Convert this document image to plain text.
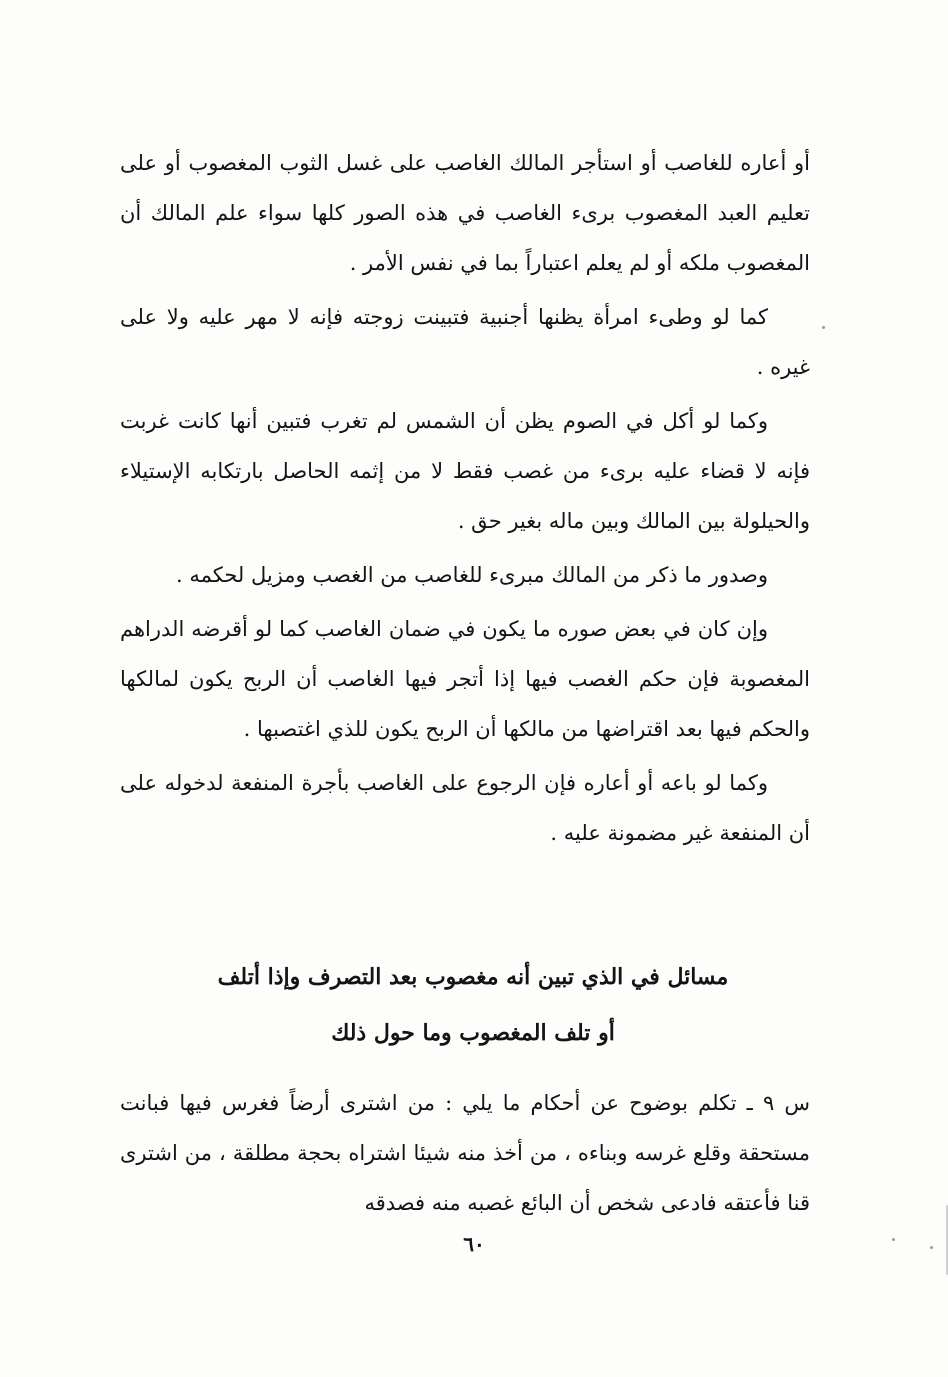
أو أعاره للغاصب أو استأجر المالك الغاصب على غسل الثوب المغصوب أو على تعليم العبد المغصوب برىء الغاصب في هذه الصور كلها سواء علم المالك أن المغصوب ملكه أو لم يعلم اعتباراً بما في نفس الأمر .

كما لو وطىء امرأة يظنها أجنبية فتبينت زوجته فإنه لا مهر عليه ولا على غيره .

وكما لو أكل في الصوم يظن أن الشمس لم تغرب فتبين أنها كانت غربت فإنه لا قضاء عليه برىء من غصب فقط لا من إثمه الحاصل بارتكابه الإستيلاء والحيلولة بين المالك وبين ماله بغير حق .

وصدور ما ذكر من المالك مبرىء للغاصب من الغصب ومزيل لحكمه .

وإن كان في بعض صوره ما يكون في ضمان الغاصب كما لو أقرضه الدراهم المغصوبة فإن حكم الغصب فيها إذا أتجر فيها الغاصب أن الربح يكون لمالكها والحكم فيها بعد اقتراضها من مالكها أن الربح يكون للذي اغتصبها .

وكما لو باعه أو أعاره فإن الرجوع على الغاصب بأجرة المنفعة لدخوله على أن المنفعة غير مضمونة عليه .

مسائل في الذي تبين أنه مغصوب بعد التصرف وإذا أتلف
أو تلف المغصوب وما حول ذلك
س ٩ ـ تكلم بوضوح عن أحكام ما يلي : من اشترى أرضاً فغرس فيها فبانت مستحقة وقلع غرسه وبناءه ، من أخذ منه شيئا اشتراه بحجة مطلقة ، من اشترى قنا فأعتقه فادعى شخص أن البائع غصبه منه فصدقه
٦٠
